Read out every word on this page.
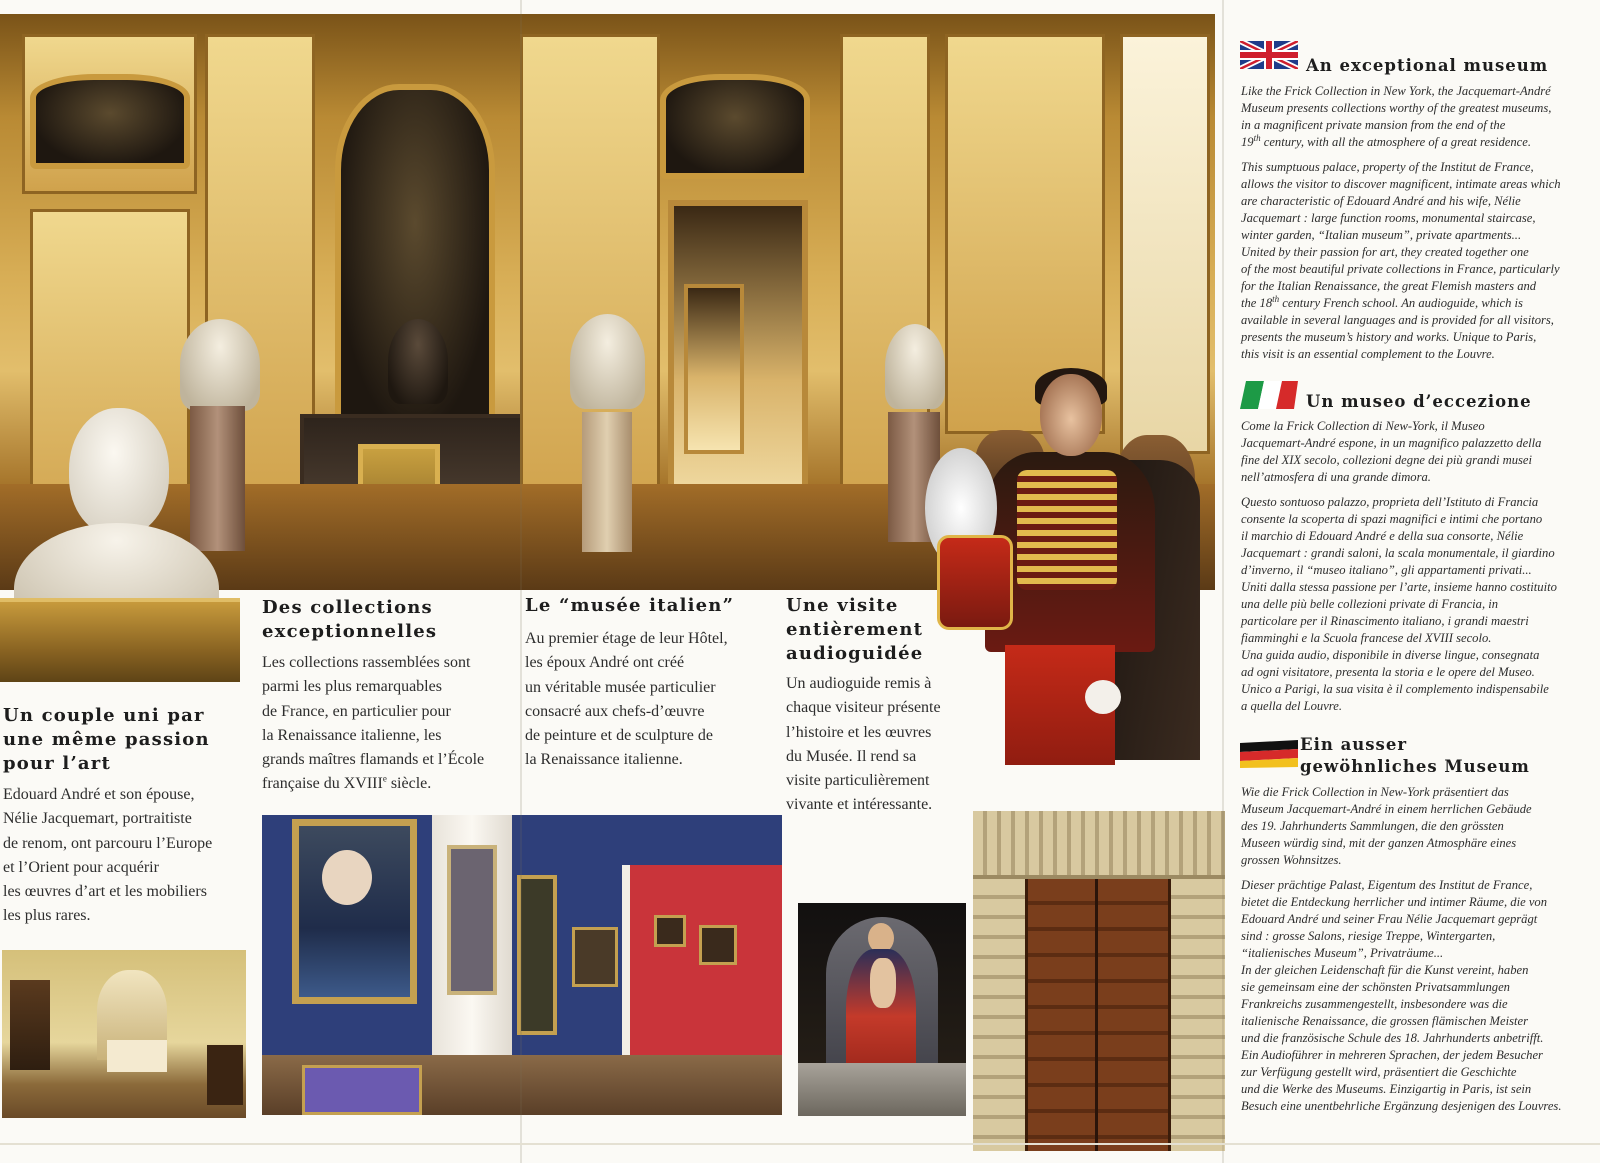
Un couple uni par
une même passion
pour l’art
Edouard André et son épouse,
Nélie Jacquemart, portraitiste
de renom, ont parcouru l’Europe
et l’Orient pour acquérir
les œuvres d’art et les mobiliers
les plus rares.
Des collections
exceptionnelles
Les collections rassemblées sont
parmi les plus remarquables
de France, en particulier pour
la Renaissance italienne, les
grands maîtres flamands et l’École
française du XVIIIe siècle.
Le “musée italien”
Au premier étage de leur Hôtel,
les époux André ont créé
un véritable musée particulier
consacré aux chefs-d’œuvre
de peinture et de sculpture de
la Renaissance italienne.
Une visite
entièrement
audioguidée
Un audioguide remis à
chaque visiteur présente
l’histoire et les œuvres
du Musée. Il rend sa
visite particulièrement
vivante et intéressante.
An exceptional museum
Like the Frick Collection in New York, the Jacquemart-André
Museum presents collections worthy of the greatest museums,
in a magnificent private mansion from the end of the
19th century, with all the atmosphere of a great residence.
This sumptuous palace, property of the Institut de France,
allows the visitor to discover magnificent, intimate areas which
are characteristic of Edouard André and his wife, Nélie
Jacquemart : large function rooms, monumental staircase,
winter garden, “Italian museum”, private apartments...
United by their passion for art, they created together one
of the most beautiful private collections in France, particularly
for the Italian Renaissance, the great Flemish masters and
the 18th century French school. An audioguide, which is
available in several languages and is provided for all visitors,
presents the museum’s history and works. Unique to Paris,
this visit is an essential complement to the Louvre.
Un museo d’eccezione
Come la Frick Collection di New-York, il Museo
Jacquemart-André espone, in un magnifico palazzetto della
fine del XIX secolo, collezioni degne dei più grandi musei
nell’atmosfera di una grande dimora.
Questo sontuoso palazzo, proprieta dell’Istituto di Francia
consente la scoperta di spazi magnifici e intimi che portano
il marchio di Edouard André e della sua consorte, Nélie
Jacquemart : grandi saloni, la scala monumentale, il giardino
d’inverno, il “museo italiano”, gli appartamenti privati...
Uniti dalla stessa passione per l’arte, insieme hanno costituito
una delle più belle collezioni private di Francia, in
particolare per il Rinascimento italiano, i grandi maestri
fiamminghi e la Scuola francese del XVIII secolo.
Una guida audio, disponibile in diverse lingue, consegnata
ad ogni visitatore, presenta la storia e le opere del Museo.
Unico a Parigi, la sua visita è il complemento indispensabile
a quella del Louvre.
Ein ausser
gewöhnliches Museum
Wie die Frick Collection in New-York präsentiert das
Museum Jacquemart-André in einem herrlichen Gebäude
des 19. Jahrhunderts Sammlungen, die den grössten
Museen würdig sind, mit der ganzen Atmosphäre eines
grossen Wohnsitzes.
Dieser prächtige Palast, Eigentum des Institut de France,
bietet die Entdeckung herrlicher und intimer Räume, die von
Edouard André und seiner Frau Nélie Jacquemart geprägt
sind : grosse Salons, riesige Treppe, Wintergarten,
“italienisches Museum”, Privaträume...
In der gleichen Leidenschaft für die Kunst vereint, haben
sie gemeinsam eine der schönsten Privatsammlungen
Frankreichs zusammengestellt, insbesondere was die
italienische Renaissance, die grossen flämischen Meister
und die französische Schule des 18. Jahrhunderts anbetrifft.
Ein Audioführer in mehreren Sprachen, der jedem Besucher
zur Verfügung gestellt wird, präsentiert die Geschichte
und die Werke des Museums. Einzigartig in Paris, ist sein
Besuch eine unentbehrliche Ergänzung desjenigen des Louvres.
